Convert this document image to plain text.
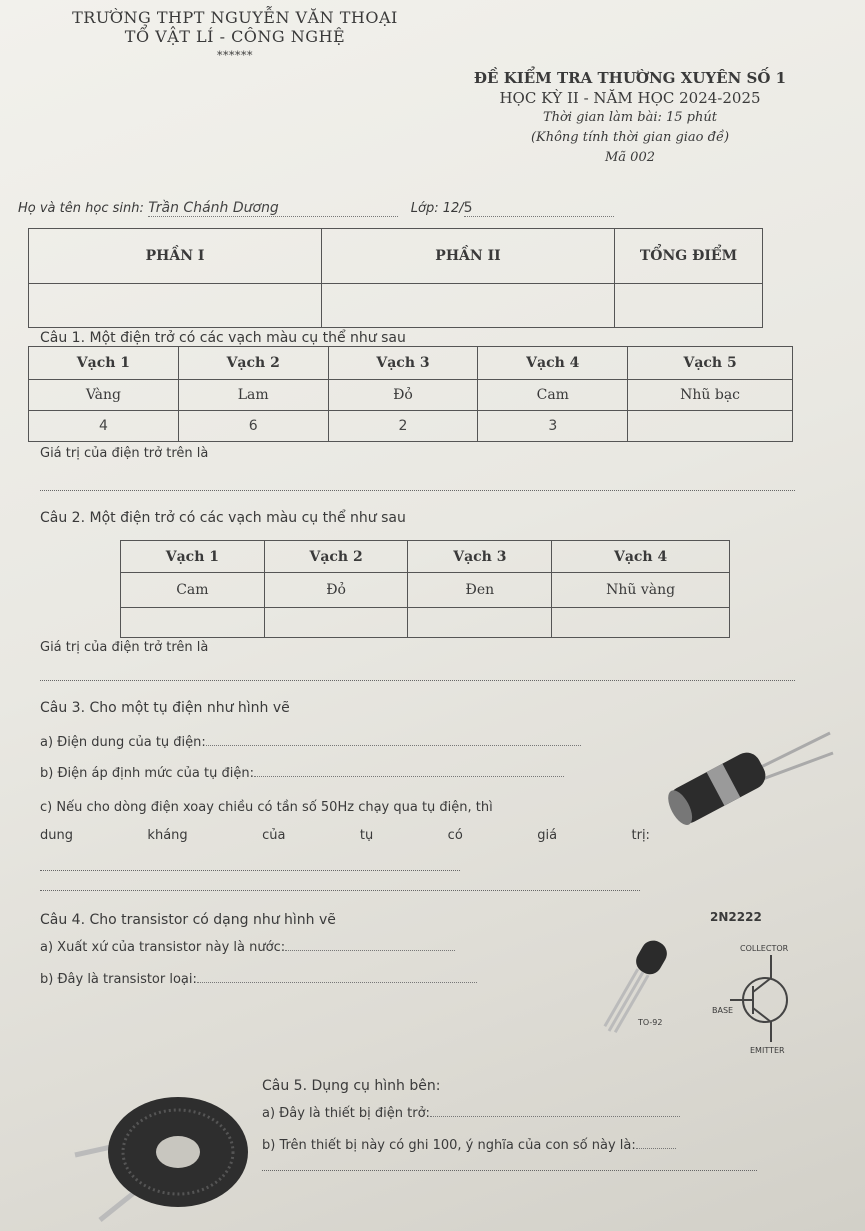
TRƯỜNG THPT NGUYỄN VĂN THOẠI
TỔ VẬT LÍ - CÔNG NGHỆ
******
ĐỀ KIỂM TRA THƯỜNG XUYÊN SỐ 1
HỌC KỲ II - NĂM HỌC 2024-2025
Thời gian làm bài: 15 phút
(Không tính thời gian giao đề)
Mã 002
Họ và tên học sinh: Trần Chánh Dương	Lớp: 12/5
PHẦN I	PHẦN II	TỔNG ĐIỂM

Câu 1. Một điện trở có các vạch màu cụ thể như sau
Vạch 1	Vạch 2	Vạch 3	Vạch 4	Vạch 5
Vàng	Lam	Đỏ	Cam	Nhũ bạc
4	6	2	3	
Giá trị của điện trở trên là
Câu 2. Một điện trở có các vạch màu cụ thể như sau
Vạch 1	Vạch 2	Vạch 3	Vạch 4
Cam	Đỏ	Đen	Nhũ vàng

Giá trị của điện trở trên là
Câu 3. Cho một tụ điện như hình vẽ
a) Điện dung của tụ điện:
b) Điện áp định mức của tụ điện:
c) Nếu cho dòng điện xoay chiều có tần số 50Hz chạy qua tụ điện, thì
dung	kháng	của	tụ	có	giá	trị:
Câu 4. Cho transistor có dạng như hình vẽ
a) Xuất xứ của transistor này là nước:
b) Đây là transistor loại:
2N2222
COLLECTOR
BASE
EMITTER
TO-92
Câu 5. Dụng cụ hình bên:
a) Đây là thiết bị điện trở:
b) Trên thiết bị này có ghi 100, ý nghĩa của con số này là:
